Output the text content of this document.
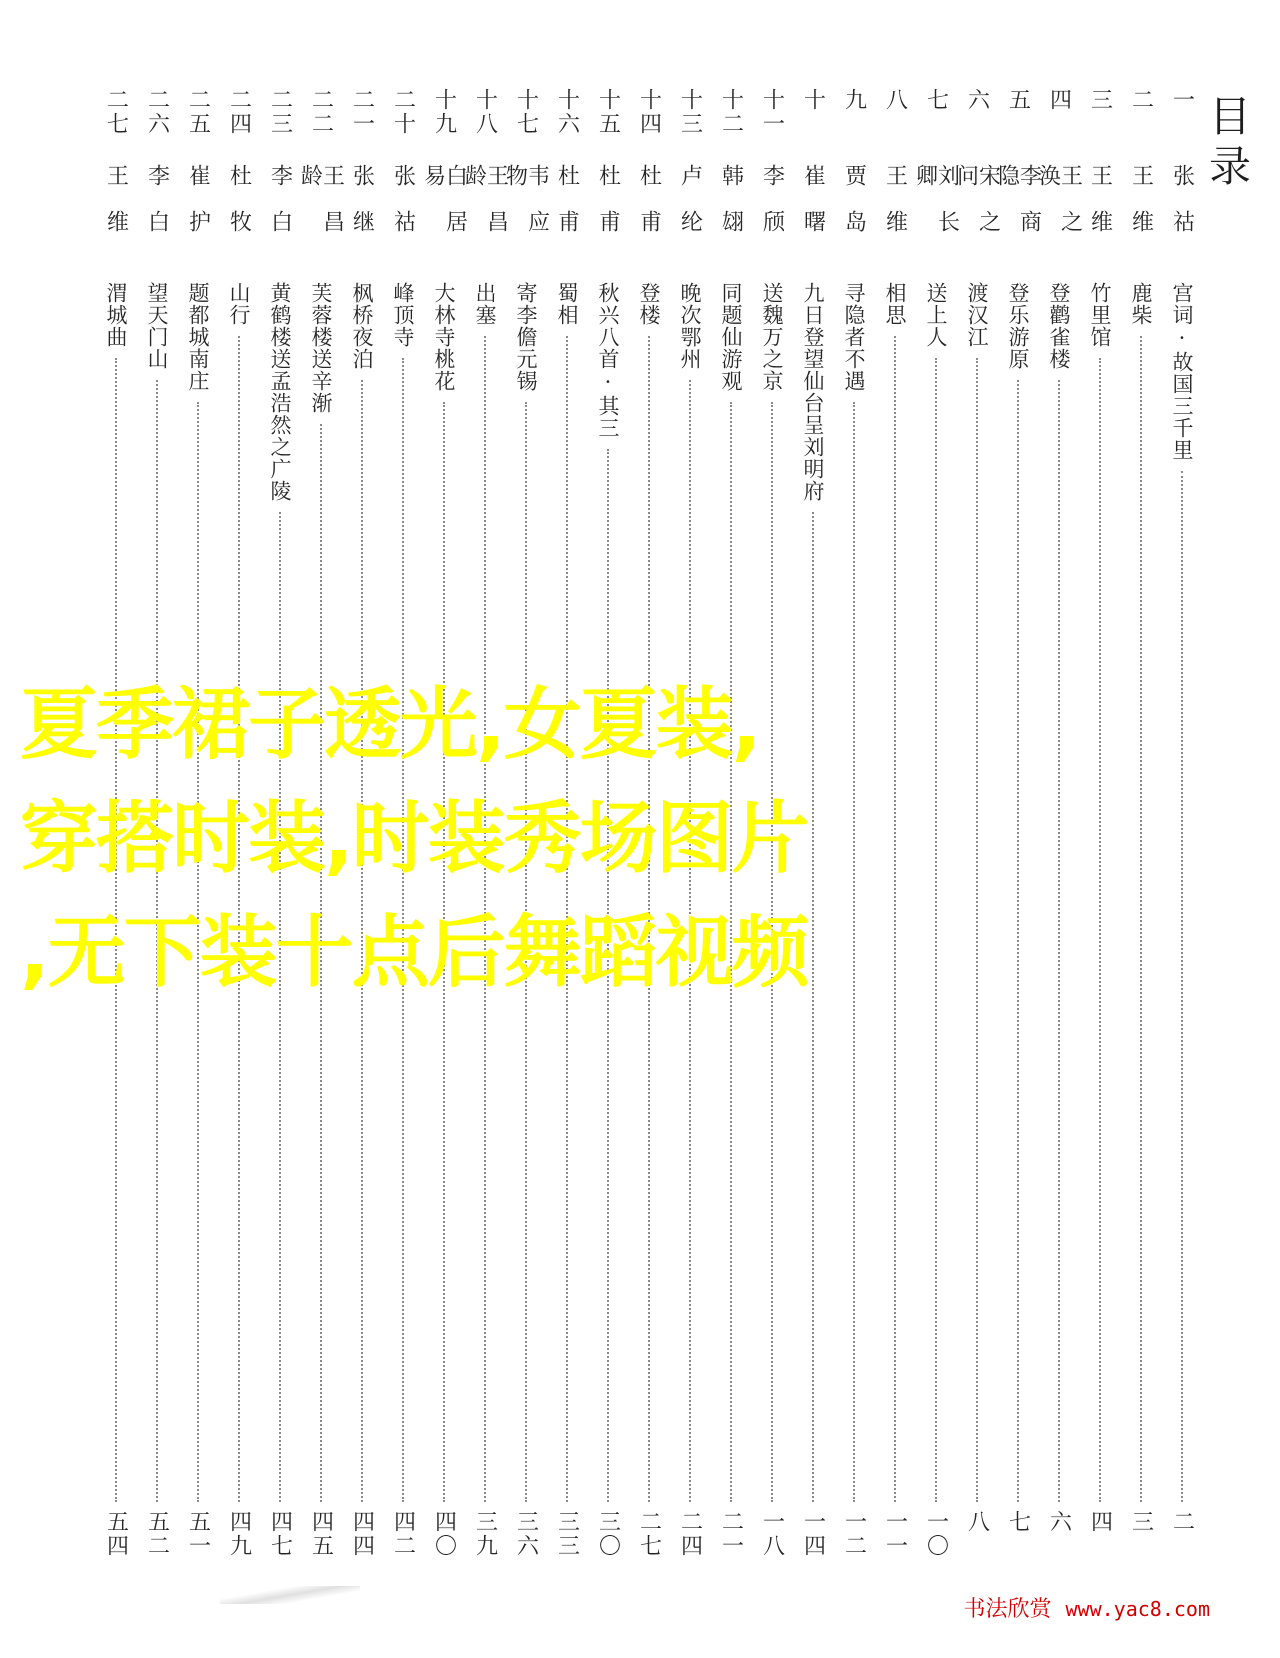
目
录
一
张祜
宫词·故国三千里
二
二
王维
鹿柴
三
三
王维
竹里馆
四
四
王之涣
登鹳雀楼
六
五
李商隐
登乐游原
七
六
宋之问
渡汉江
八
七
刘长卿
送上人
一〇
八
王维
相思
一一
九
贾岛
寻隐者不遇
一二
十
崔曙
九日登望仙台呈刘明府
一四
十一
李颀
送魏万之京
一八
十二
韩翃
同题仙游观
二一
十三
卢纶
晚次鄂州
二四
十四
杜甫
登楼
二七
十五
杜甫
秋兴八首·其三
三〇
十六
杜甫
蜀相
三三
十七
韦应物
寄李儋元锡
三六
十八
王昌龄
出塞
三九
十九
白居易
大林寺桃花
四〇
二十
张祜
峰顶寺
四二
二一
张继
枫桥夜泊
四四
二二
王昌龄
芙蓉楼送辛渐
四五
二三
李白
黄鹤楼送孟浩然之广陵
四七
二四
杜牧
山行
四九
二五
崔护
题都城南庄
五一
二六
李白
望天门山
五二
二七
王维
渭城曲
五四
夏季裙子透光,女夏装,
穿搭时装,时装秀场图片
,无下装十点后舞蹈视频
书法欣赏 www.yac8.com
